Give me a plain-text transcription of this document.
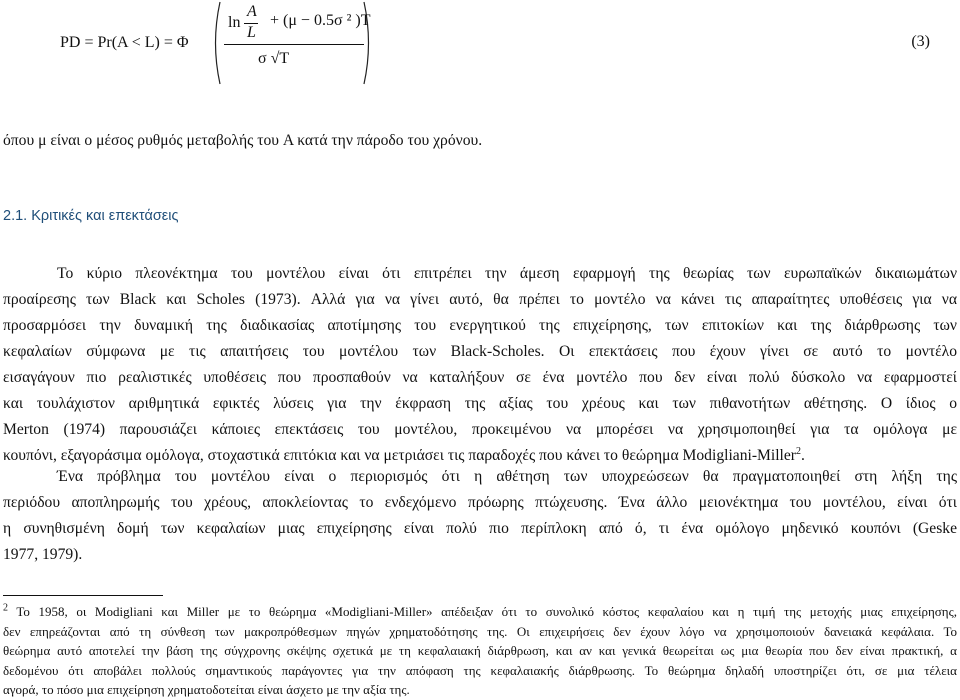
PD = Pr(A < L) = Φ
A
ln
L
+ (μ − 0.5σ ² )T
σ √T
(3)
όπου μ είναι ο μέσος ρυθμός μεταβολής του A κατά την πάροδο του χρόνου.
2.1. Κριτικές και επεκτάσεις
Το κύριο πλεονέκτημα του μοντέλου είναι ότι επιτρέπει την άμεση εφαρμογή της θεωρίας των ευρωπαϊκών δικαιωμάτων
προαίρεσης των Black και Scholes (1973). Αλλά για να γίνει αυτό, θα πρέπει το μοντέλο να κάνει τις απαραίτητες υποθέσεις για να
προσαρμόσει την δυναμική της διαδικασίας αποτίμησης του ενεργητικού της επιχείρησης, των επιτοκίων και της διάρθρωσης των
κεφαλαίων σύμφωνα με τις απαιτήσεις του μοντέλου των Black-Scholes. Οι επεκτάσεις που έχουν γίνει σε αυτό το μοντέλο
εισαγάγουν πιο ρεαλιστικές υποθέσεις που προσπαθούν να καταλήξουν σε ένα μοντέλο που δεν είναι πολύ δύσκολο να εφαρμοστεί
και τουλάχιστον αριθμητικά εφικτές λύσεις για την έκφραση της αξίας του χρέους και των πιθανοτήτων αθέτησης. Ο ίδιος ο
Merton (1974) παρουσιάζει κάποιες επεκτάσεις του μοντέλου, προκειμένου να μπορέσει να χρησιμοποιηθεί για τα ομόλογα με
κουπόνι, εξαγοράσιμα ομόλογα, στοχαστικά επιτόκια και να μετριάσει τις παραδοχές που κάνει το θεώρημα Modigliani-Miller$^2$.
Ένα πρόβλημα του μοντέλου είναι ο περιορισμός ότι η αθέτηση των υποχρεώσεων θα πραγματοποιηθεί στη λήξη της
περιόδου αποπληρωμής του χρέους, αποκλείοντας το ενδεχόμενο πρόωρης πτώχευσης. Ένα άλλο μειονέκτημα του μοντέλου, είναι ότι
η συνηθισμένη δομή των κεφαλαίων μιας επιχείρησης είναι πολύ πιο περίπλοκη από ό, τι ένα ομόλογο μηδενικό κουπόνι (Geske
1977, 1979).
$^2$ Το 1958, οι Modigliani και Miller με το θεώρημα «Modigliani-Miller» απέδειξαν ότι το συνολικό κόστος κεφαλαίου και η τιμή της μετοχής μιας επιχείρησης,
δεν επηρεάζονται από τη σύνθεση των μακροπρόθεσμων πηγών χρηματοδότησης της. Οι επιχειρήσεις δεν έχουν λόγο να χρησιμοποιούν δανειακά κεφάλαια. Το
θεώρημα αυτό αποτελεί την βάση της σύγχρονης σκέψης σχετικά με τη κεφαλαιακή διάρθρωση, και αν και γενικά θεωρείται ως μια θεωρία που δεν είναι πρακτική, α
δεδομένου ότι αποβάλει πολλούς σημαντικούς παράγοντες για την απόφαση της κεφαλαιακής διάρθρωσης. Το θεώρημα δηλαδή υποστηρίζει ότι, σε μια τέλεια
αγορά, το πόσο μια επιχείρηση χρηματοδοτείται είναι άσχετο με την αξία της.
